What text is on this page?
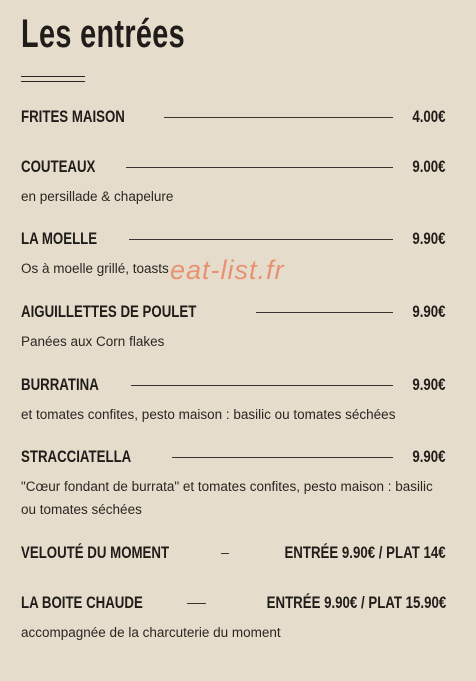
Les entrées
FRITES MAISON	4.00€
COUTEAUX	9.00€
en persillade & chapelure
LA MOELLE	9.90€
Os à moelle grillé, toasts
AIGUILLETTES DE POULET	9.90€
Panées aux Corn flakes
BURRATINA	9.90€
et tomates confites, pesto maison : basilic ou tomates séchées
STRACCIATELLA	9.90€
"Cœur fondant de burrata" et tomates confites, pesto maison : basilic ou tomates séchées
VELOUTÉ DU MOMENT	ENTRÉE 9.90€ / PLAT 14€
LA BOITE CHAUDE	ENTRÉE 9.90€ / PLAT 15.90€
accompagnée de la charcuterie du moment
eat-list.fr
